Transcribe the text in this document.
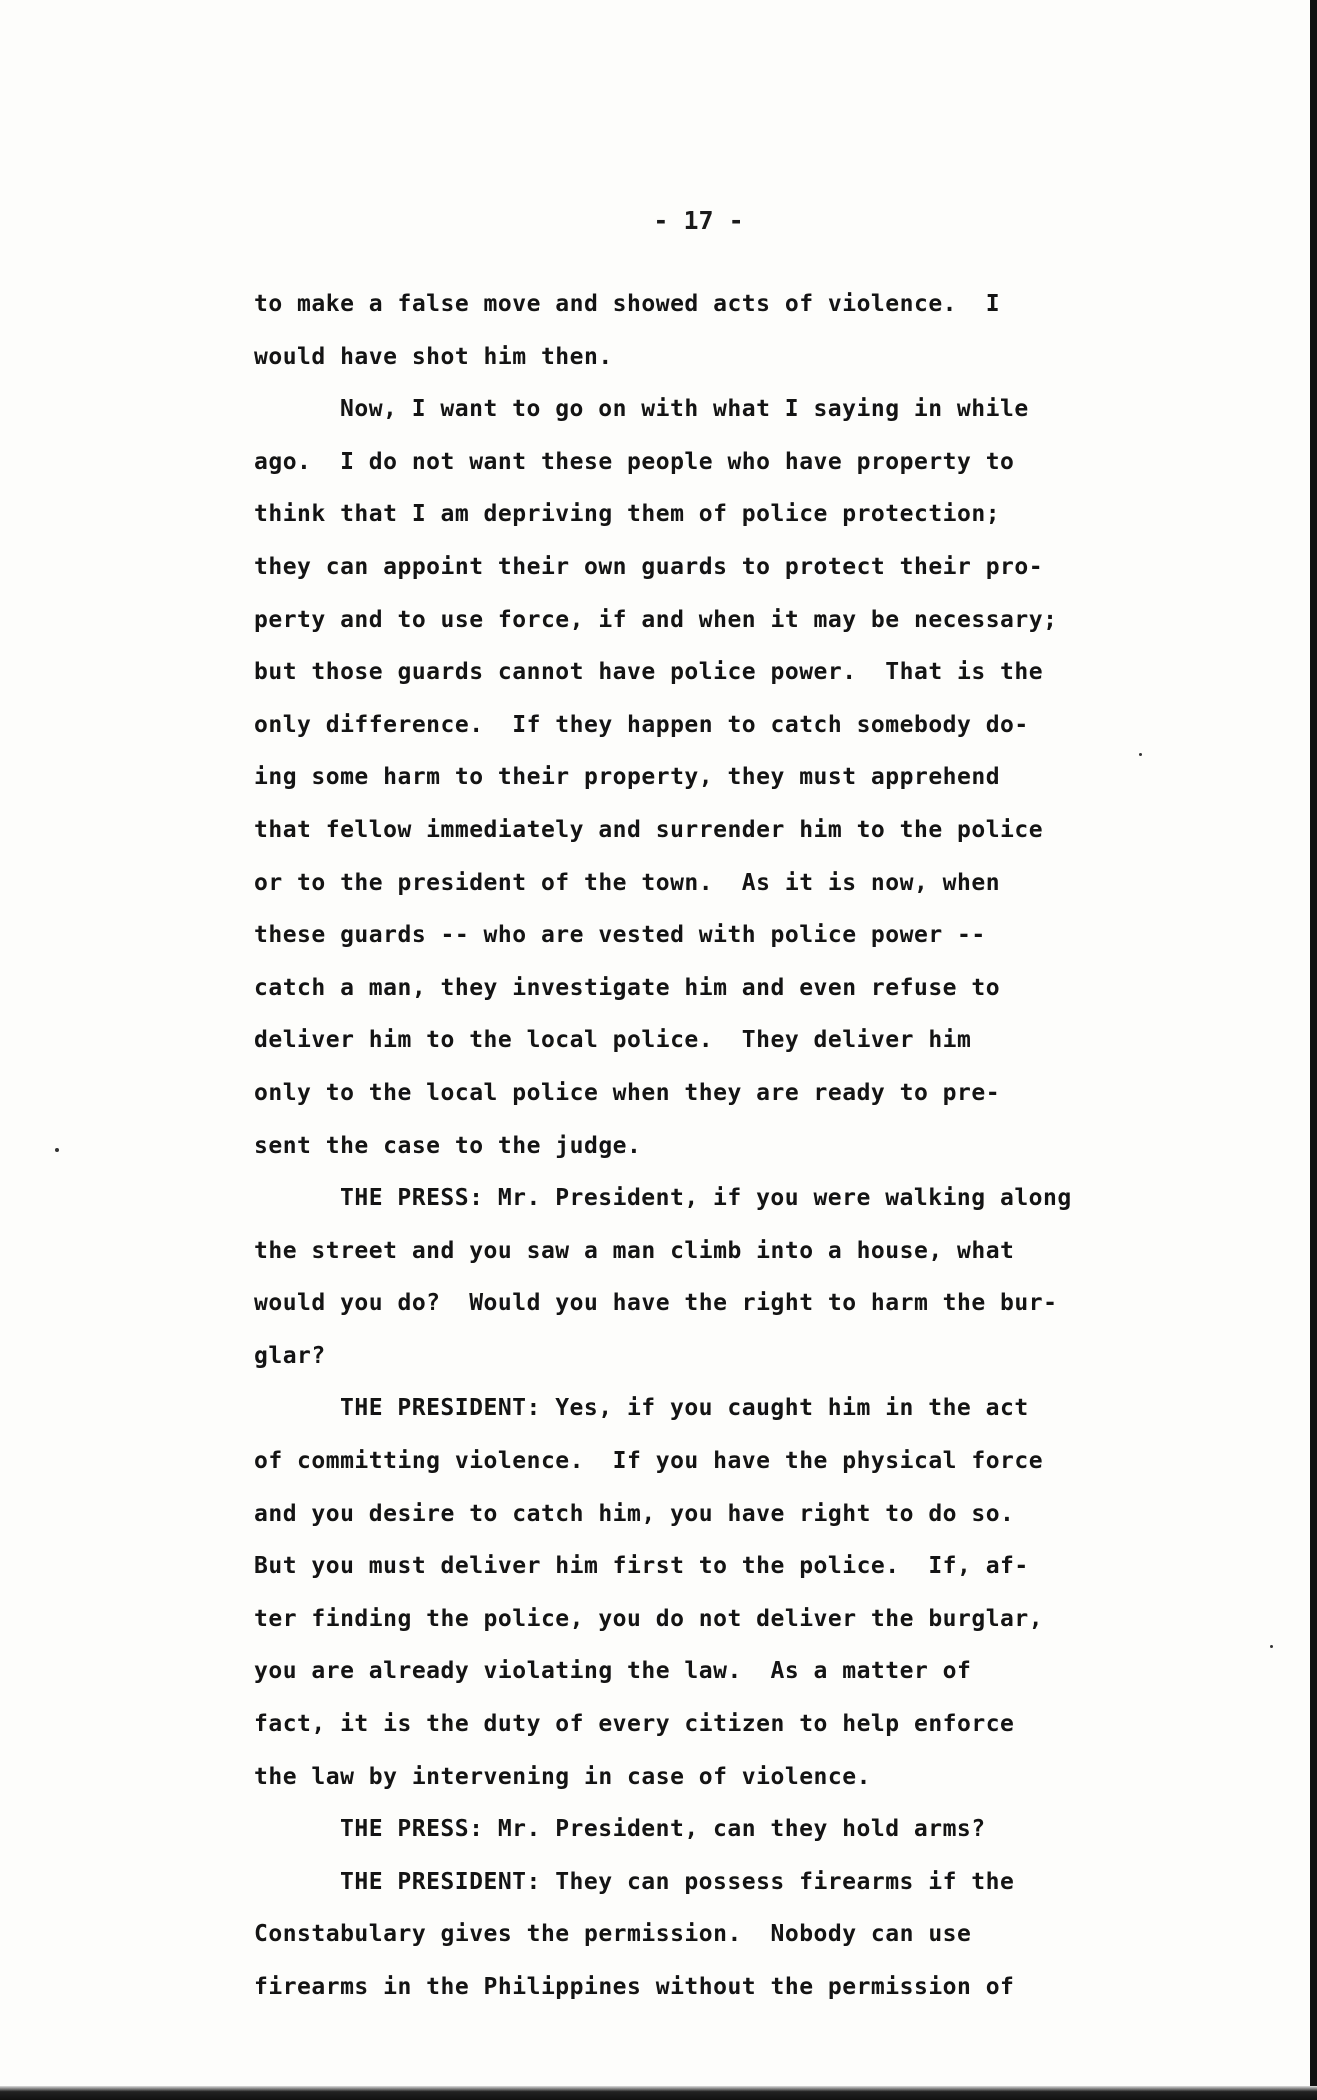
- 17 -
to make a false move and showed acts of violence.  I
would have shot him then.
Now, I want to go on with what I saying in while
ago.  I do not want these people who have property to
think that I am depriving them of police protection;
they can appoint their own guards to protect their pro-
perty and to use force, if and when it may be necessary;
but those guards cannot have police power.  That is the
only difference.  If they happen to catch somebody do-
ing some harm to their property, they must apprehend
that fellow immediately and surrender him to the police
or to the president of the town.  As it is now, when
these guards -- who are vested with police power --
catch a man, they investigate him and even refuse to
deliver him to the local police.  They deliver him
only to the local police when they are ready to pre-
sent the case to the judge.
THE PRESS: Mr. President, if you were walking along
the street and you saw a man climb into a house, what
would you do?  Would you have the right to harm the bur-
glar?
THE PRESIDENT: Yes, if you caught him in the act
of committing violence.  If you have the physical force
and you desire to catch him, you have right to do so.
But you must deliver him first to the police.  If, af-
ter finding the police, you do not deliver the burglar,
you are already violating the law.  As a matter of
fact, it is the duty of every citizen to help enforce
the law by intervening in case of violence.
THE PRESS: Mr. President, can they hold arms?
THE PRESIDENT: They can possess firearms if the
Constabulary gives the permission.  Nobody can use
firearms in the Philippines without the permission of
